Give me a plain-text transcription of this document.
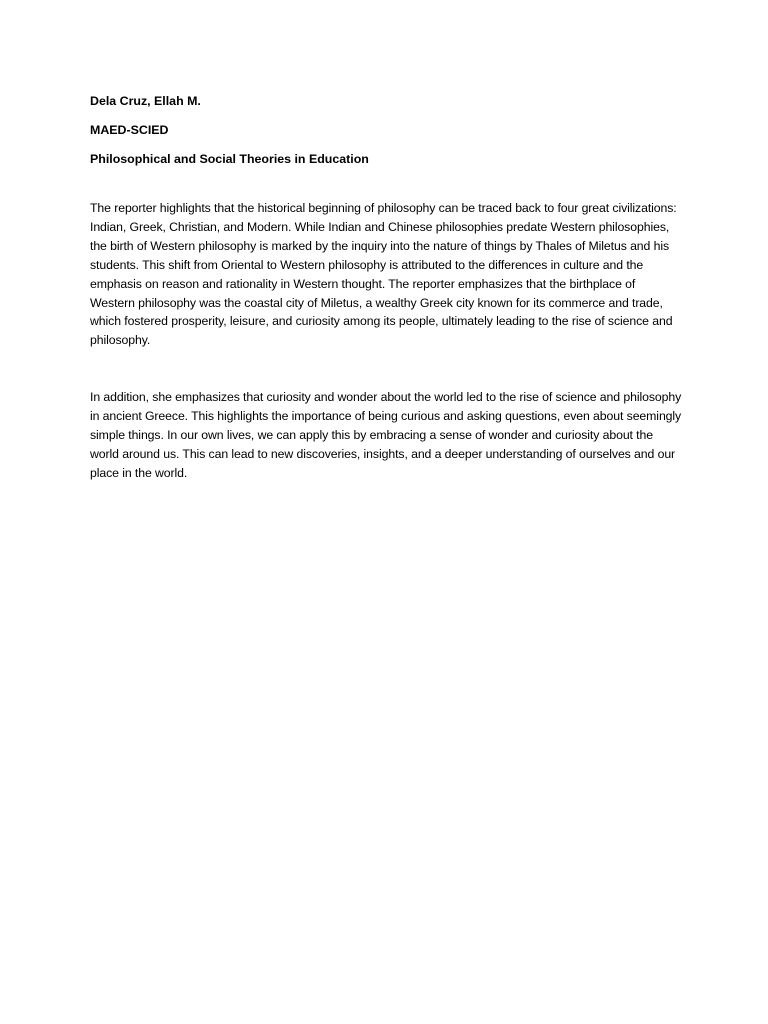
Dela Cruz, Ellah M.
MAED-SCIED
Philosophical and Social Theories in Education

The reporter highlights that the historical beginning of philosophy can be traced back to four great civilizations: Indian, Greek, Christian, and Modern. While Indian and Chinese philosophies predate Western philosophies, the birth of Western philosophy is marked by the inquiry into the nature of things by Thales of Miletus and his students. This shift from Oriental to Western philosophy is attributed to the differences in culture and the emphasis on reason and rationality in Western thought. The reporter emphasizes that the birthplace of Western philosophy was the coastal city of Miletus, a wealthy Greek city known for its commerce and trade, which fostered prosperity, leisure, and curiosity among its people, ultimately leading to the rise of science and philosophy.

In addition, she emphasizes that curiosity and wonder about the world led to the rise of science and philosophy in ancient Greece. This highlights the importance of being curious and asking questions, even about seemingly simple things. In our own lives, we can apply this by embracing a sense of wonder and curiosity about the world around us. This can lead to new discoveries, insights, and a deeper understanding of ourselves and our place in the world.
